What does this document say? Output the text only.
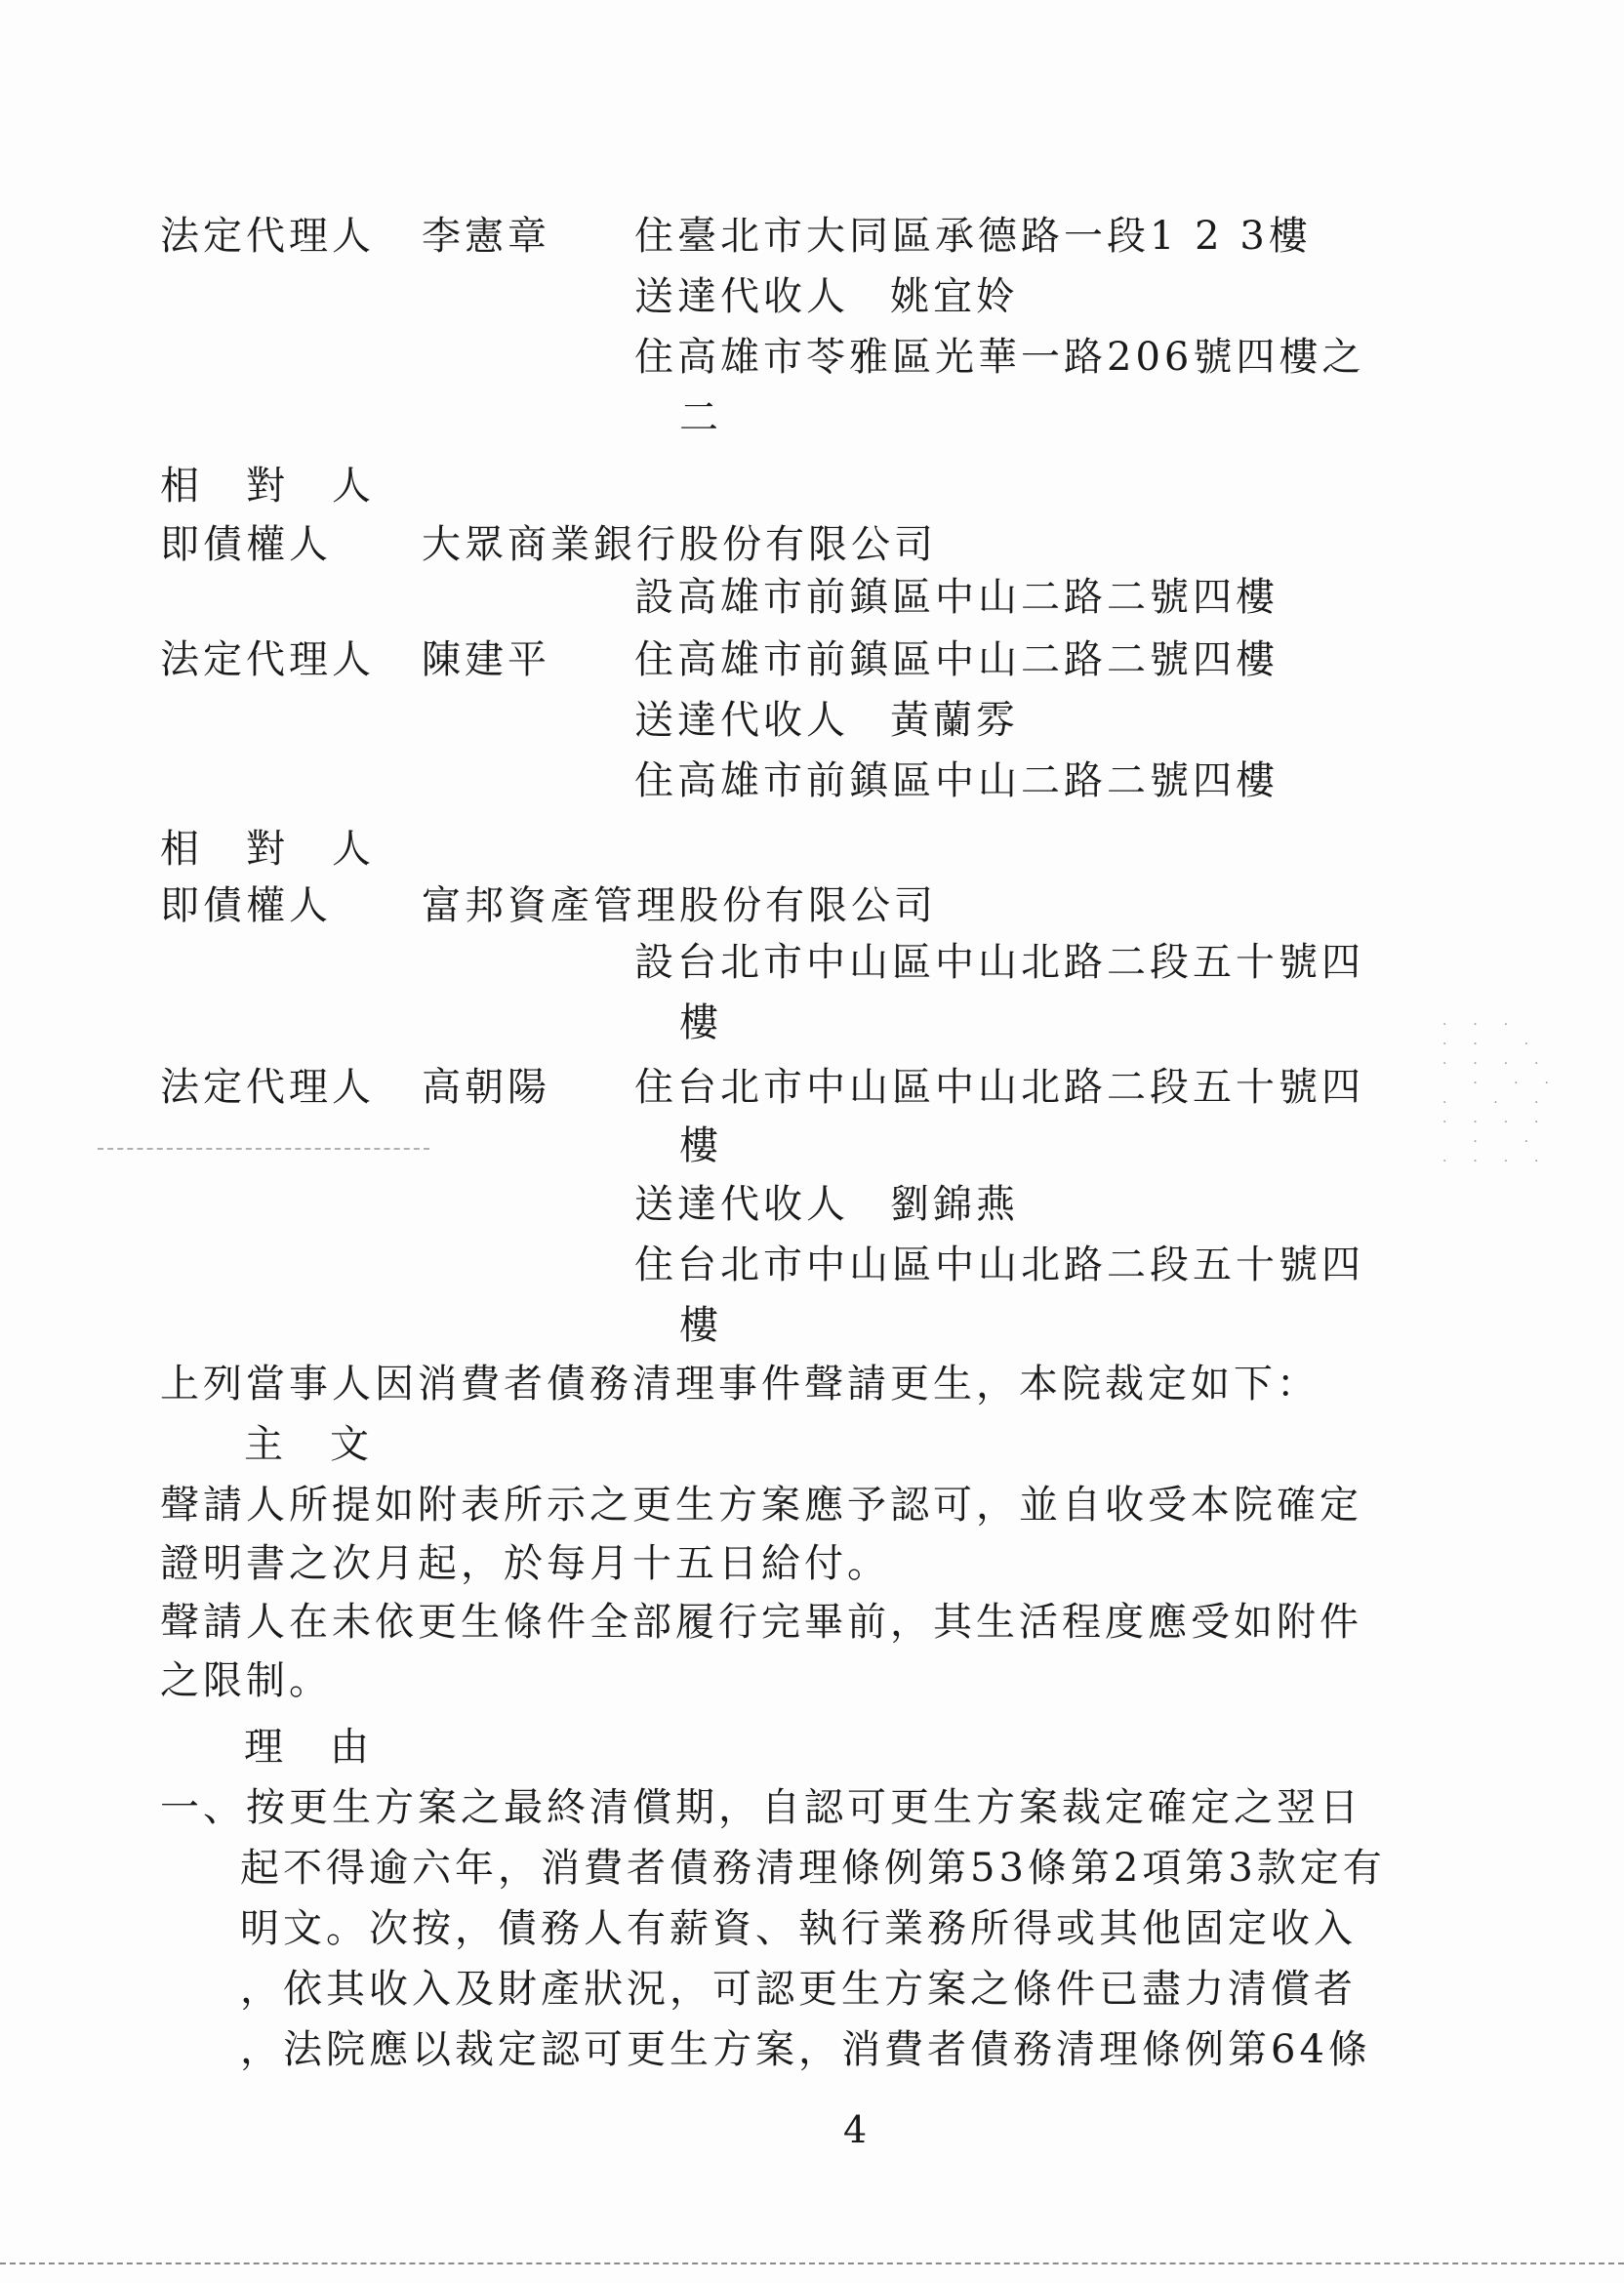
法定代理人 李憲章 住臺北市大同區承德路一段1 2 3樓
送達代收人 姚宜姈
住高雄市苓雅區光華一路206號四樓之
二
相　對　人
即債權人 大眾商業銀行股份有限公司
設高雄市前鎮區中山二路二號四樓
法定代理人 陳建平 住高雄市前鎮區中山二路二號四樓
送達代收人 黃蘭雰
住高雄市前鎮區中山二路二號四樓
相　對　人
即債權人 富邦資產管理股份有限公司
設台北市中山區中山北路二段五十號四
樓
法定代理人 高朝陽 住台北市中山區中山北路二段五十號四
樓
送達代收人 劉錦燕
住台北市中山區中山北路二段五十號四
樓
上列當事人因消費者債務清理事件聲請更生，本院裁定如下：
主　文
聲請人所提如附表所示之更生方案應予認可，並自收受本院確定
證明書之次月起，於每月十五日給付。
聲請人在未依更生條件全部履行完畢前，其生活程度應受如附件
之限制。
理　由
一、按更生方案之最終清償期，自認可更生方案裁定確定之翌日
起不得逾六年，消費者債務清理條例第53條第2項第3款定有
明文。次按，債務人有薪資、執行業務所得或其他固定收入
，依其收入及財產狀況，可認更生方案之條件已盡力清償者
，法院應以裁定認可更生方案，消費者債務清理條例第64條
4
·  ·  ·
·  ·    ·
·  ·  ·  ·
·   ·  ·
·    ·   ·
·  ·  ·  ·
·    ·
·  ·  ·  ·
